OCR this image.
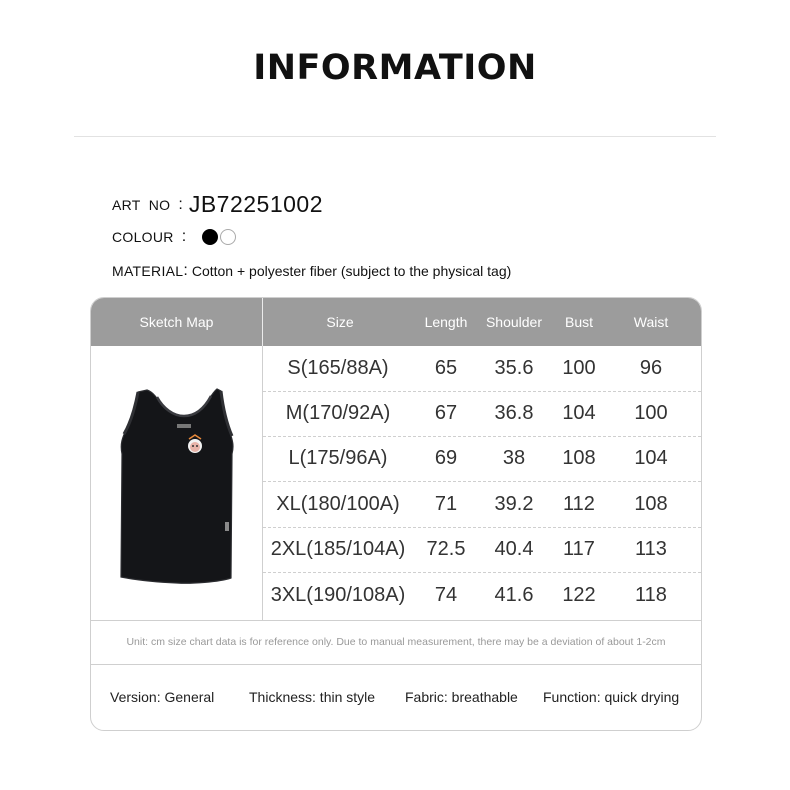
INFORMATION
ART  NO : JB72251002
COLOUR :
MATERIAL : Cotton + polyester fiber (subject to the physical tag)
Sketch Map	Size	Length	Shoulder	Bust	Waist
S(165/88A)	65	35.6	100	96
M(170/92A)	67	36.8	104	100
L(175/96A)	69	38	108	104
XL(180/100A)	71	39.2	112	108
2XL(185/104A)	72.5	40.4	117	113
3XL(190/108A)	74	41.6	122	118
Unit: cm size chart data is for reference only. Due to manual measurement, there may be a deviation of about 1-2cm
Version: General Thickness: thin style Fabric: breathable Function: quick drying
